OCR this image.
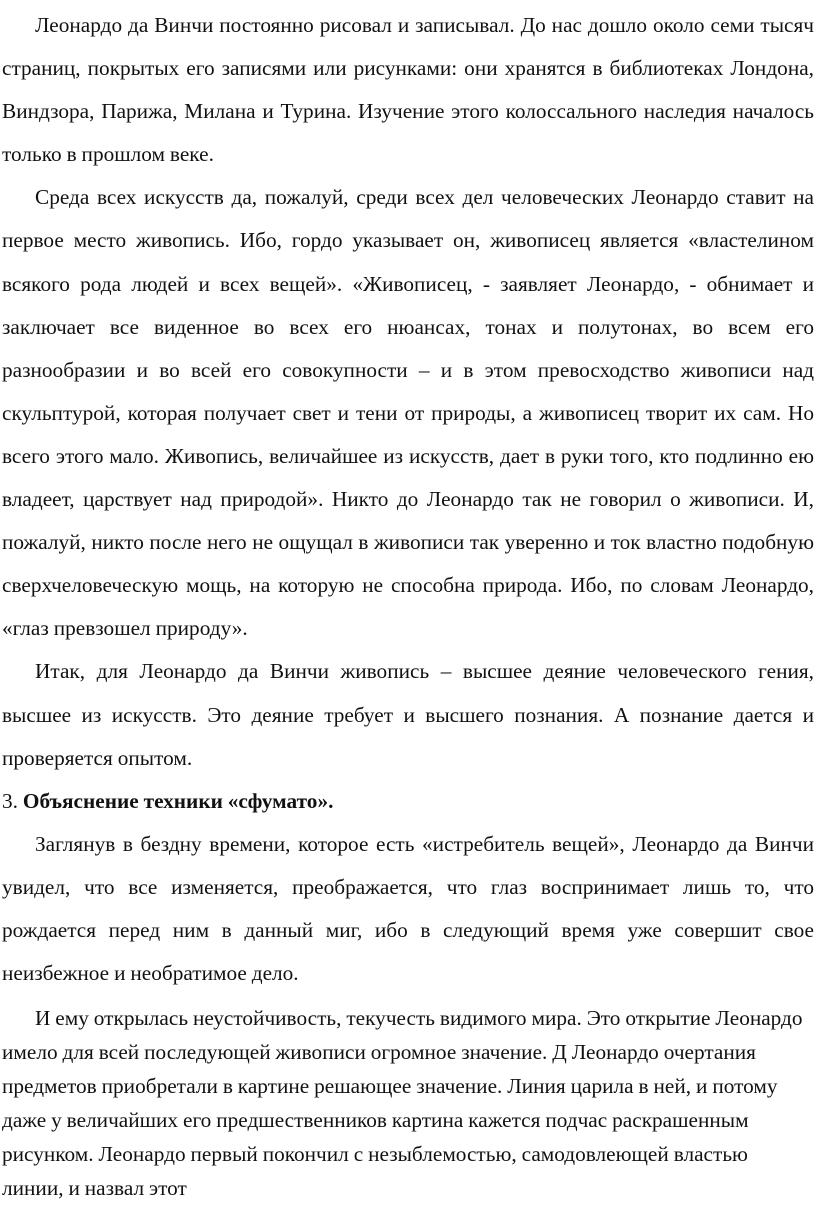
Леонардо да Винчи постоянно рисовал и записывал. До нас дошло около семи тысяч страниц, покрытых его записями или рисунками: они хранятся в библиотеках Лондона, Виндзора, Парижа, Милана и Турина. Изучение этого колоссального наследия началось только в прошлом веке.

Среда всех искусств да, пожалуй, среди всех дел человеческих Леонардо ставит на первое место живопись. Ибо, гордо указывает он, живописец является «властелином всякого рода людей и всех вещей». «Живописец, - заявляет Леонардо, - обнимает и заключает все виденное во всех его нюансах, тонах и полутонах, во всем его разнообразии и во всей его совокупности – и в этом превосходство живописи над скульптурой, которая получает свет и тени от природы, а живописец творит их сам. Но всего этого мало. Живопись, величайшее из искусств, дает в руки того, кто подлинно ею владеет, царствует над природой». Никто до Леонардо так не говорил о живописи. И, пожалуй, никто после него не ощущал в живописи так уверенно и ток властно подобную сверхчеловеческую мощь, на которую не способна природа. Ибо, по словам Леонардо, «глаз превзошел природу».

Итак, для Леонардо да Винчи живопись – высшее деяние человеческого гения, высшее из искусств. Это деяние требует и высшего познания. А познание дается и проверяется опытом.

3. Объяснение техники «сфумато».

Заглянув в бездну времени, которое есть «истребитель вещей», Леонардо да Винчи увидел, что все изменяется, преображается, что глаз воспринимает лишь то, что рождается перед ним в данный миг, ибо в следующий время уже совершит свое неизбежное и необратимое дело.

И ему открылась неустойчивость, текучесть видимого мира. Это открытие Леонардо имело для всей последующей живописи огромное значение. Д Леонардо очертания предметов приобретали в картине решающее значение. Линия царила в ней, и потому даже у величайших его предшественников картина кажется подчас раскрашенным рисунком. Леонардо первый покончил с незыблемостью, самодовлеющей властью линии, и назвал этот
